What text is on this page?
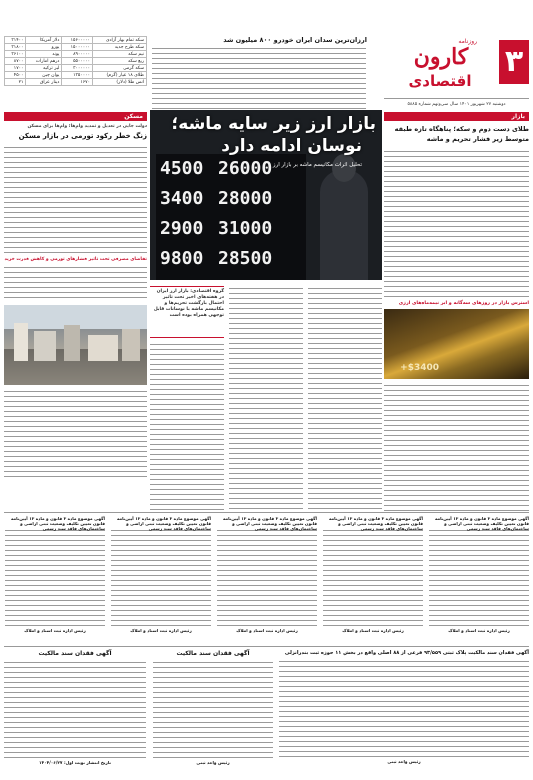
۳
روزنامه
کارون
اقتصادی
دوشنبه ۲۷ شهریور ۱۴۰۱ سال سی‌ونهم شماره ۵۸۸۵
ارزان‌ترین سدان ایران خودرو ۸۰۰ میلیون شد
سکه تمام بهار آزادی	۱۵۶۰۰۰۰۰	دلار آمریکا	۳۱۴۰۰
سکه طرح جدید	۱۵۰۰۰۰۰۰	یورو	۳۱۸۰۰
نیم سکه	۸۹۰۰۰۰۰	پوند	۳۶۱۰۰
ربع سکه	۵۵۰۰۰۰۰	درهم امارات	۸۷۰۰
سکه گرمی	۳۰۰۰۰۰۰	لیر ترکیه	۱۷۰۰
طلای ۱۸ عیار (گرم)	۱۳۵۰۰۰۰	یوان چین	۴۵۰۰
انس طلا (دلار)	۱۶۷۰	دینار عراق	۲۱
بازار
طلای دست دوم و سکه؛ پناهگاه تازه طبقه
متوسط زیر فشار تحریم و ماشه
استرس بازار در روزهای سه‌گانه و ابر نیمه‌ماه‌های ارزی
$3400+
مسکن
دولت جایی در تعدیل و تمدید وام‌ها؛ وام‌ها برای مسکن
زنگ خطر رکود تورمی در بازار مسکن
تقاضای مصرفی تحت تاثیر فشارهای تورمی و کاهش قدرت خرید
4500 26000
3400 28000
2900 31000
9800 28500
بازار ارز زیر سایه ماشه؛
نوسان ادامه دارد
تحلیل اثرات مکانیسم ماشه بر بازار ارز
گروه اقتصادی: بازار ارز ایران در هفته‌های اخیر تحت تاثیر احتمال بازگشت تحریم‌ها و مکانیسم ماشه با نوسانات قابل توجهی همراه بوده است
آگهی موضوع ماده ۳ قانون و ماده ۱۳ آیین‌نامه قانون تعیین تکلیف وضعیت ثبتی اراضی و ساختمان‌های فاقد سند رسمی
رئیس اداره ثبت اسناد و املاک
آگهی موضوع ماده ۳ قانون و ماده ۱۳ آیین‌نامه قانون تعیین تکلیف وضعیت ثبتی اراضی و ساختمان‌های فاقد سند رسمی
رئیس اداره ثبت اسناد و املاک
آگهی موضوع ماده ۳ قانون و ماده ۱۳ آیین‌نامه قانون تعیین تکلیف وضعیت ثبتی اراضی و ساختمان‌های فاقد سند رسمی
رئیس اداره ثبت اسناد و املاک
آگهی موضوع ماده ۳ قانون و ماده ۱۳ آیین‌نامه قانون تعیین تکلیف وضعیت ثبتی اراضی و ساختمان‌های فاقد سند رسمی
رئیس اداره ثبت اسناد و املاک
آگهی موضوع ماده ۳ قانون و ماده ۱۳ آیین‌نامه قانون تعیین تکلیف وضعیت ثبتی اراضی و ساختمان‌های فاقد سند رسمی
رئیس اداره ثبت اسناد و املاک
آگهی فقدان سند مالکیت پلاک ثبتی ۹۳/۵۵۹ فرعی از ۸۸ اصلی واقع در بخش ۱۱ حوزه ثبت بندرانزلی
رئیس واحد ثبتی
آگهی فقدان سند مالکیت
رئیس واحد ثبتی
آگهی فقدان سند مالکیت
تاریخ انتشار نوبت اول: ۱۴۰۴/۰۶/۲۷
